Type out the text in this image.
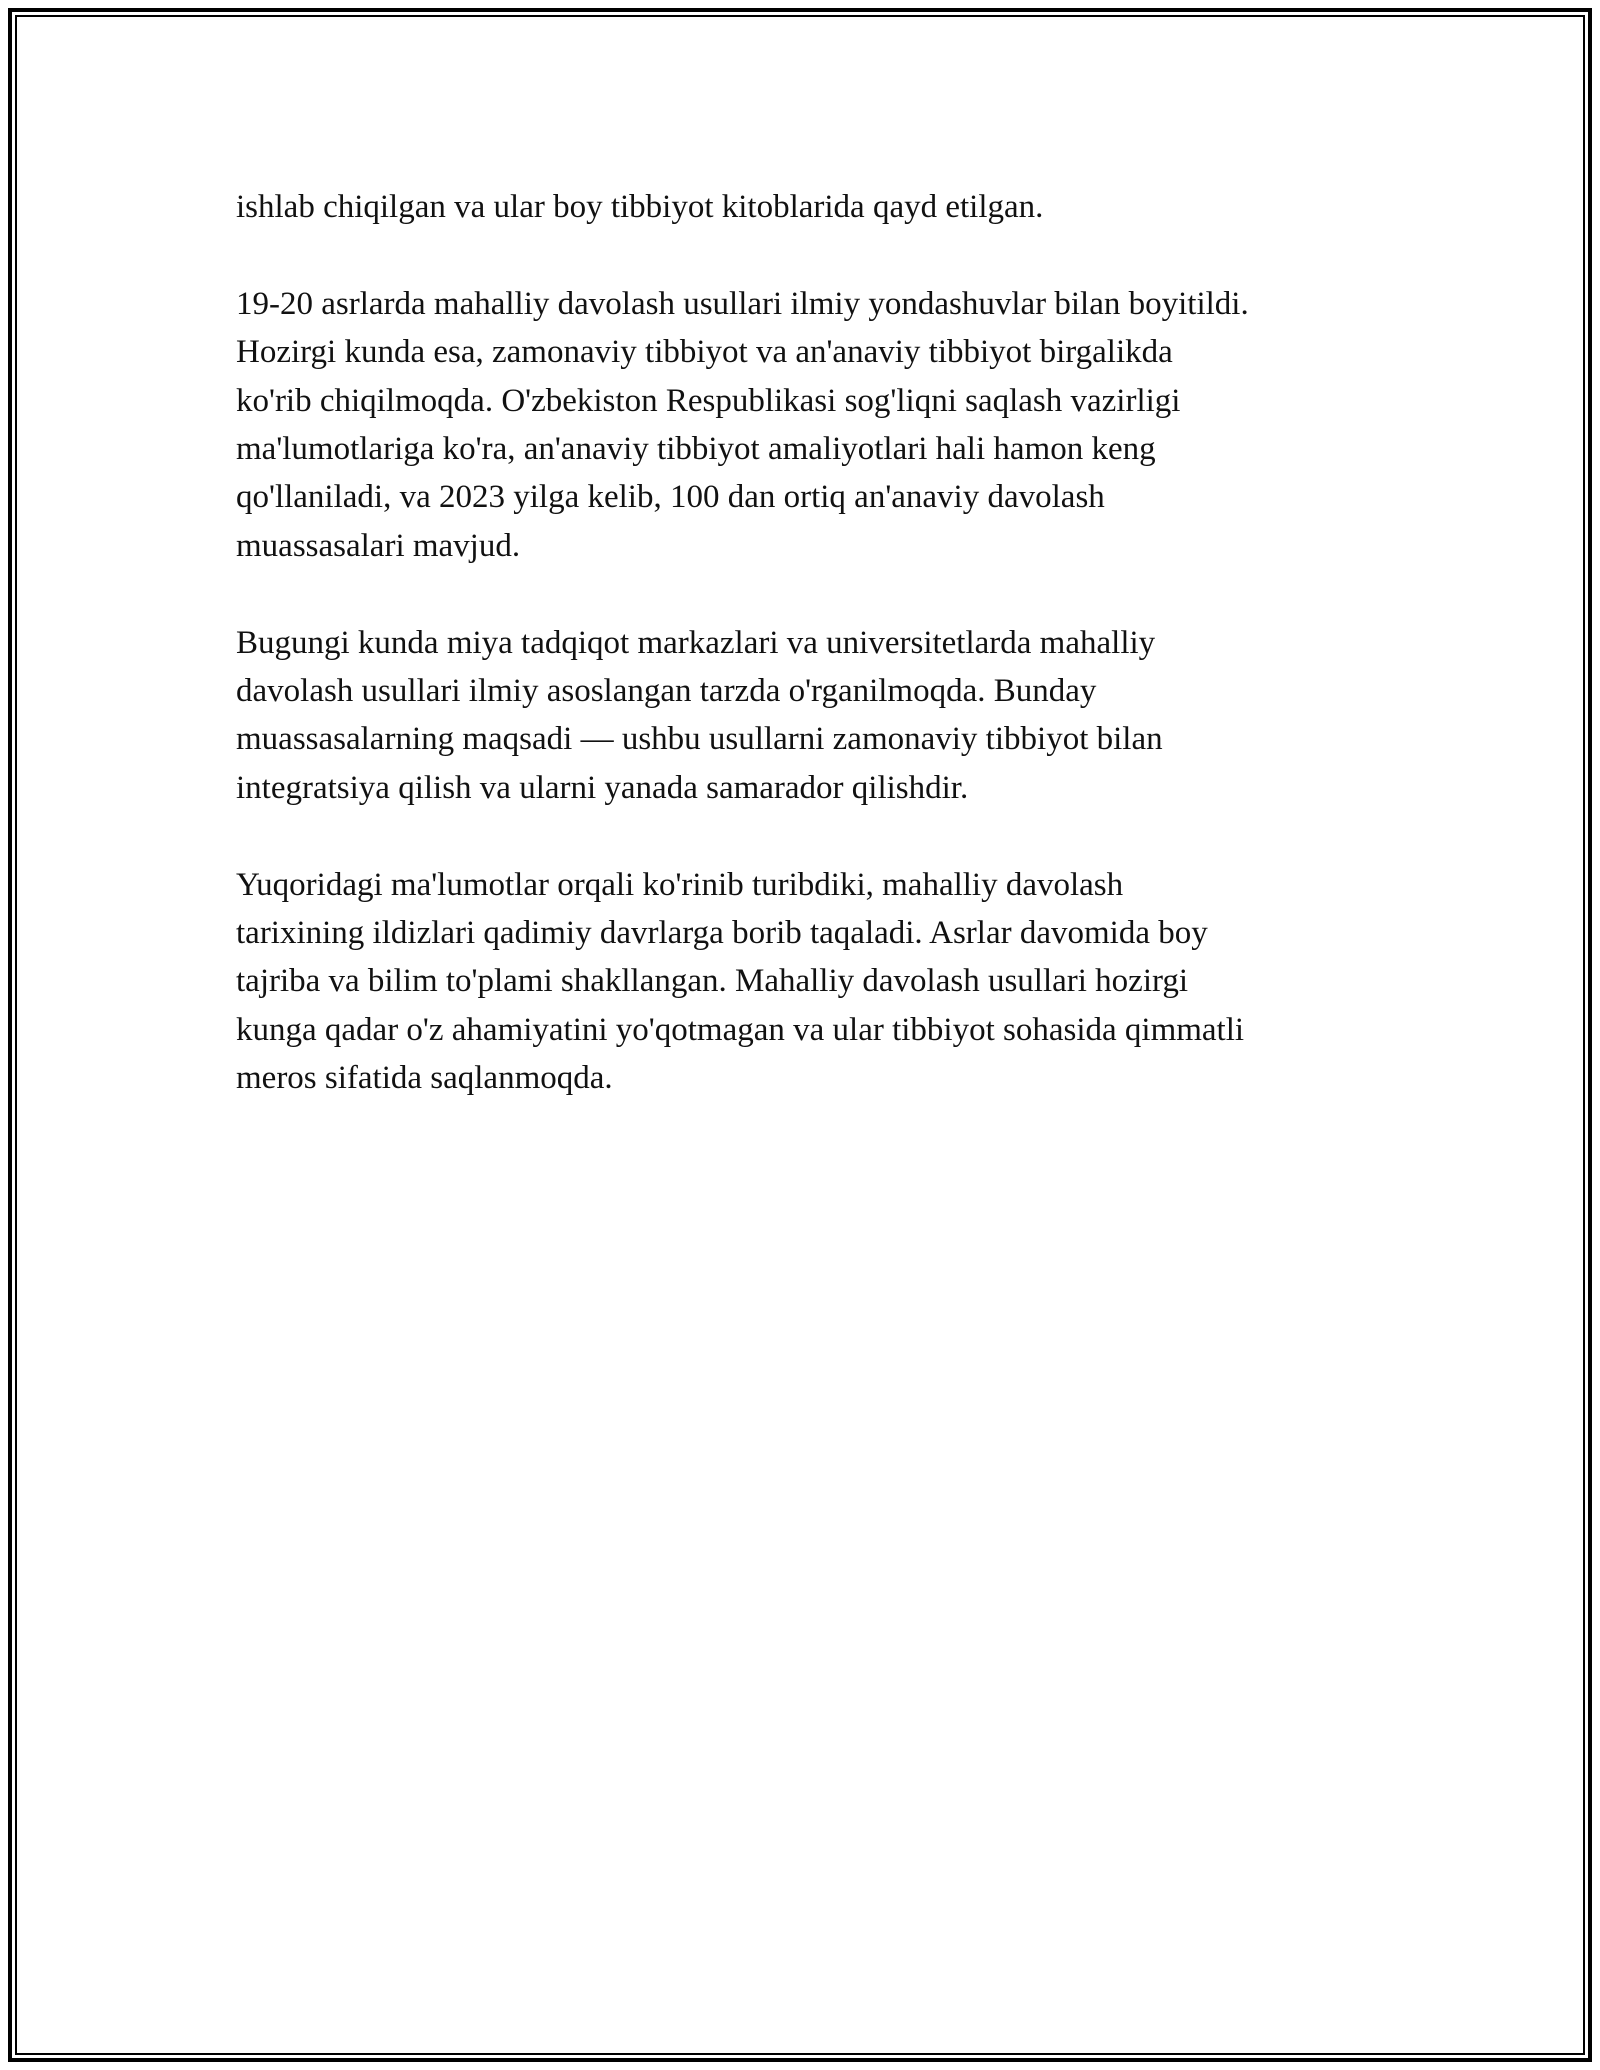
ishlab chiqilgan va ular boy tibbiyot kitoblarida qayd etilgan.

19-20 asrlarda mahalliy davolash usullari ilmiy yondashuvlar bilan boyitildi.
Hozirgi kunda esa, zamonaviy tibbiyot va an'anaviy tibbiyot birgalikda
ko'rib chiqilmoqda. O'zbekiston Respublikasi sog'liqni saqlash vazirligi
ma'lumotlariga ko'ra, an'anaviy tibbiyot amaliyotlari hali hamon keng
qo'llaniladi, va 2023 yilga kelib, 100 dan ortiq an'anaviy davolash
muassasalari mavjud.

Bugungi kunda miya tadqiqot markazlari va universitetlarda mahalliy
davolash usullari ilmiy asoslangan tarzda o'rganilmoqda. Bunday
muassasalarning maqsadi — ushbu usullarni zamonaviy tibbiyot bilan
integratsiya qilish va ularni yanada samarador qilishdir.

Yuqoridagi ma'lumotlar orqali ko'rinib turibdiki, mahalliy davolash
tarixining ildizlari qadimiy davrlarga borib taqaladi. Asrlar davomida boy
tajriba va bilim to'plami shakllangan. Mahalliy davolash usullari hozirgi
kunga qadar o'z ahamiyatini yo'qotmagan va ular tibbiyot sohasida qimmatli
meros sifatida saqlanmoqda.
